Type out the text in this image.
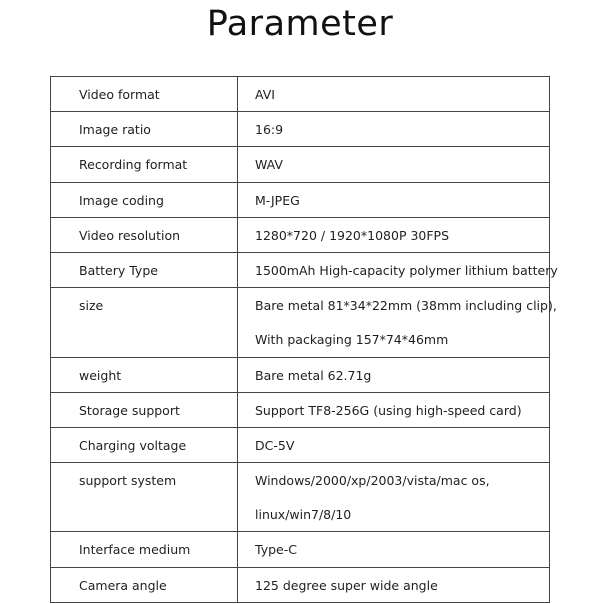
Parameter
Video format	AVI

Image ratio	16:9

Recording format	WAV

Image coding	M-JPEG

Video resolution	1280*720 / 1920*1080P 30FPS

Battery Type	1500mAh High-capacity polymer lithium battery

size	Bare metal 81*34*22mm (38mm including clip),
With packaging 157*74*46mm

weight	Bare metal 62.71g

Storage support	Support TF8-256G (using high-speed card)

Charging voltage	DC-5V

support system	Windows/2000/xp/2003/vista/mac os,
linux/win7/8/10

Interface medium	Type-C

Camera angle	125 degree super wide angle
